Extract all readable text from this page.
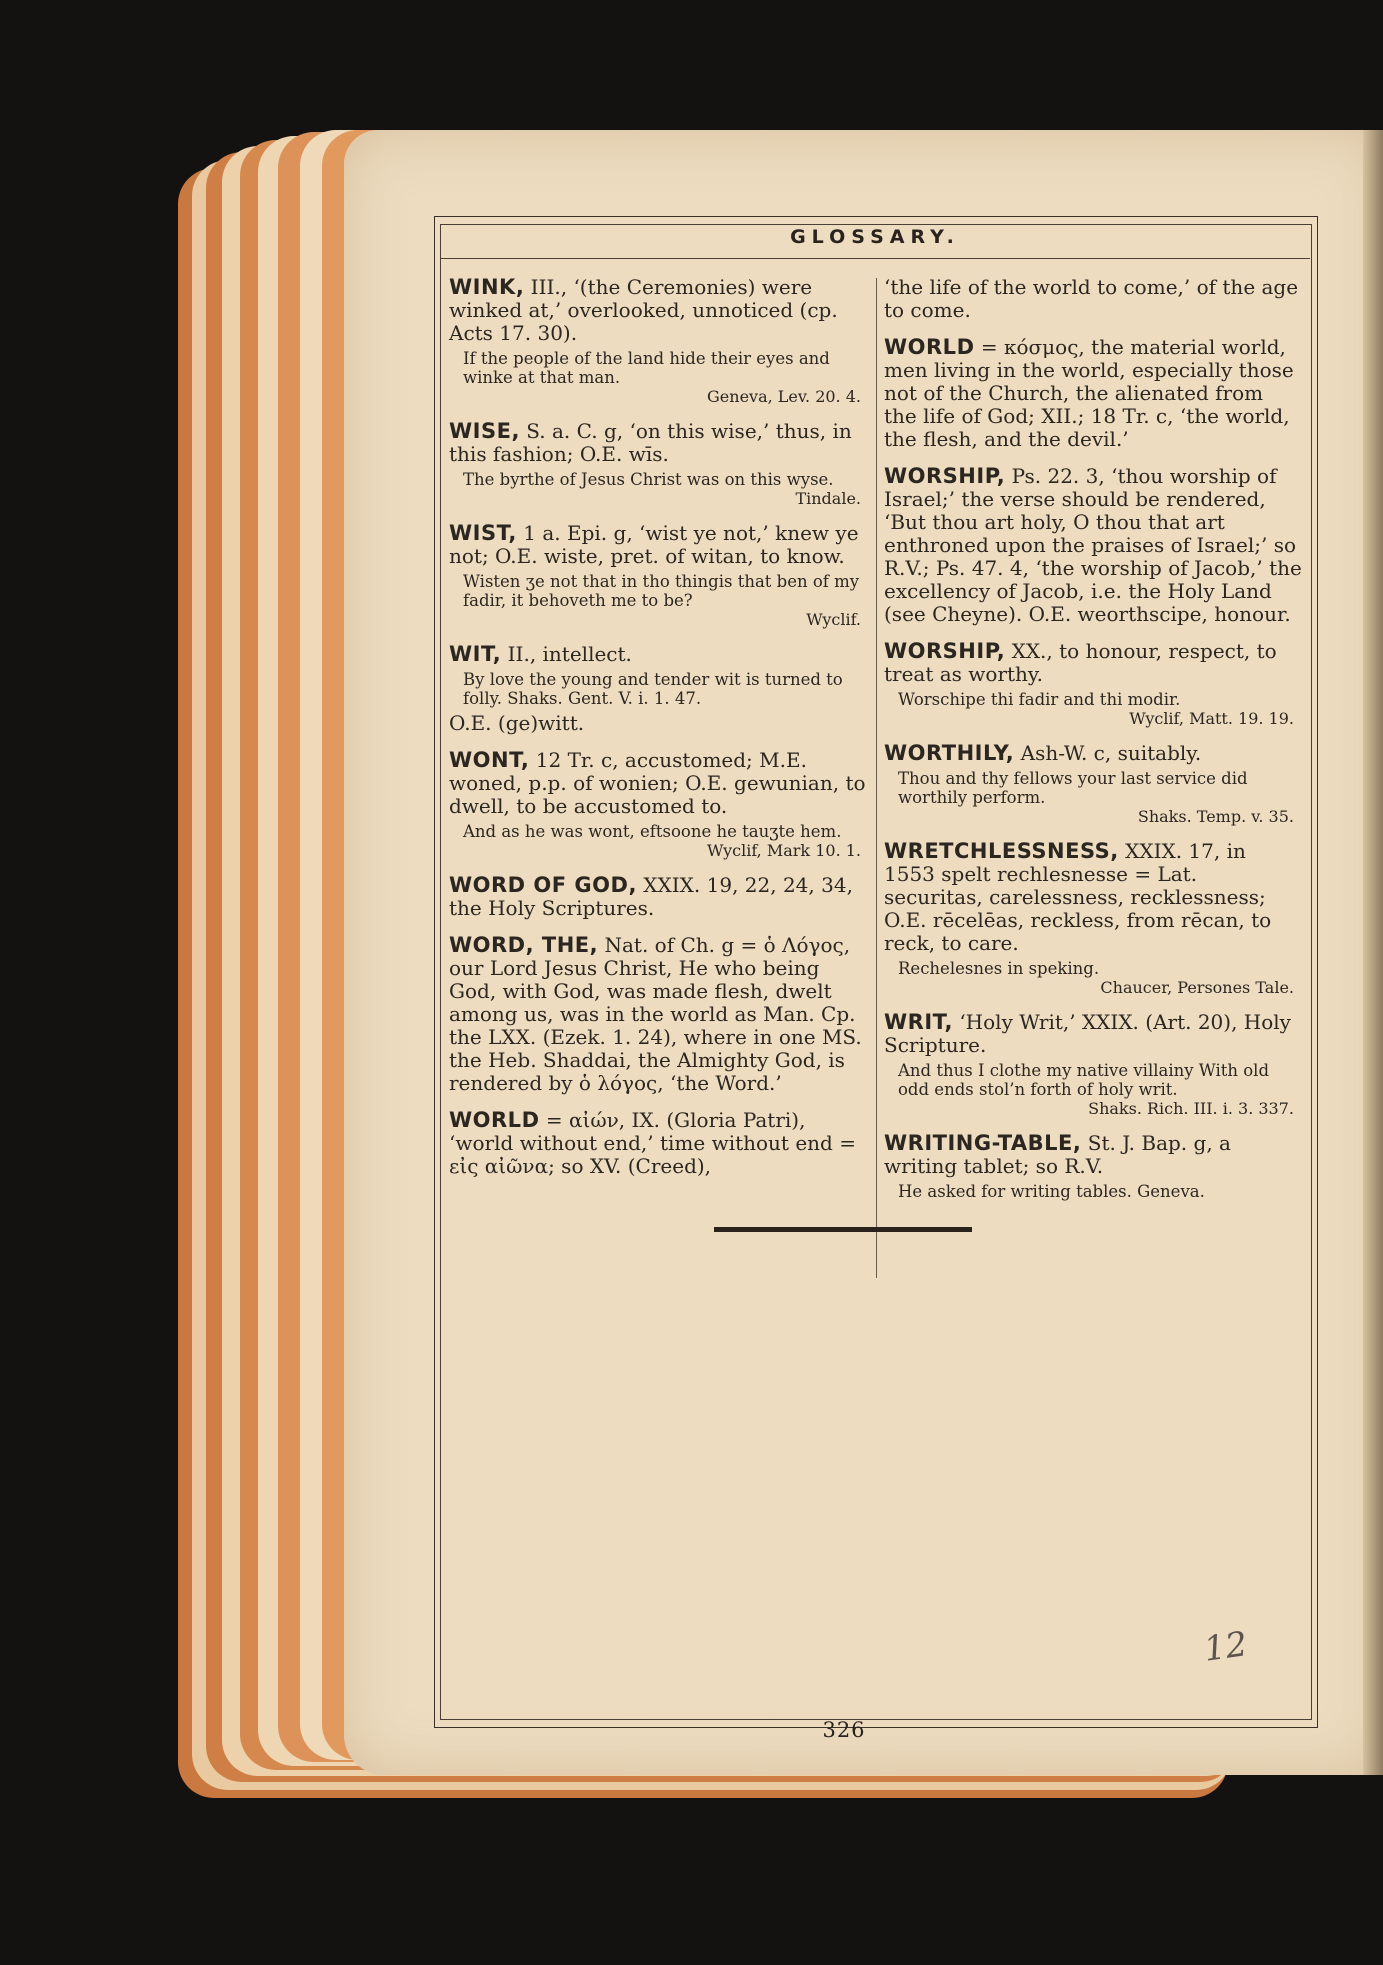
GLOSSARY.
WINK, III., ‘(the Ceremonies) were winked at,’ overlooked, unnoticed (cp. Acts 17. 30).
If the people of the land hide their eyes and winke at that man.
Geneva, Lev. 20. 4.
WISE, S. a. C. g, ‘on this wise,’ thus, in this fashion; O.E. wīs.
The byrthe of Jesus Christ was on this wyse.
Tindale.
WIST, 1 a. Epi. g, ‘wist ye not,’ knew ye not; O.E. wiste, pret. of witan, to know.
Wisten ʒe not that in tho thingis that ben of my fadir, it behoveth me to be?
Wyclif.
WIT, II., intellect.
By love the young and tender wit is turned to folly. Shaks. Gent. V. i. 1. 47.
O.E. (ge)witt.
WONT, 12 Tr. c, accustomed; M.E. woned, p.p. of wonien; O.E. gewunian, to dwell, to be accustomed to.
And as he was wont, eftsoone he tauʒte hem.
Wyclif, Mark 10. 1.
WORD OF GOD, XXIX. 19, 22, 24, 34, the Holy Scriptures.
WORD, THE, Nat. of Ch. g = ὁ Λόγος, our Lord Jesus Christ, He who being God, with God, was made flesh, dwelt among us, was in the world as Man. Cp. the LXX. (Ezek. 1. 24), where in one MS. the Heb. Shaddai, the Almighty God, is rendered by ὁ λόγος, ‘the Word.’
WORLD = αἰών, IX. (Gloria Patri), ‘world without end,’ time without end = εἰς αἰῶνα; so XV. (Creed),
‘the life of the world to come,’ of the age to come.
WORLD = κόσμος, the material world, men living in the world, especially those not of the Church, the alienated from the life of God; XII.; 18 Tr. c, ‘the world, the flesh, and the devil.’
WORSHIP, Ps. 22. 3, ‘thou worship of Israel;’ the verse should be rendered, ‘But thou art holy, O thou that art enthroned upon the praises of Israel;’ so R.V.; Ps. 47. 4, ‘the worship of Jacob,’ the excellency of Jacob, i.e. the Holy Land (see Cheyne). O.E. weorthscipe, honour.
WORSHIP, XX., to honour, respect, to treat as worthy.
Worschipe thi fadir and thi modir.
Wyclif, Matt. 19. 19.
WORTHILY, Ash-W. c, suitably.
Thou and thy fellows your last service did worthily perform.
Shaks. Temp. v. 35.
WRETCHLESSNESS, XXIX. 17, in 1553 spelt rechlesnesse = Lat. securitas, carelessness, recklessness; O.E. rēcelēas, reckless, from rēcan, to reck, to care.
Rechelesnes in speking.
Chaucer, Persones Tale.
WRIT, ‘Holy Writ,’ XXIX. (Art. 20), Holy Scripture.
And thus I clothe my native villainy With old odd ends stol’n forth of holy writ.
Shaks. Rich. III. i. 3. 337.
WRITING-TABLE, St. J. Bap. g, a writing tablet; so R.V.
He asked for writing tables. Geneva.
12
326
